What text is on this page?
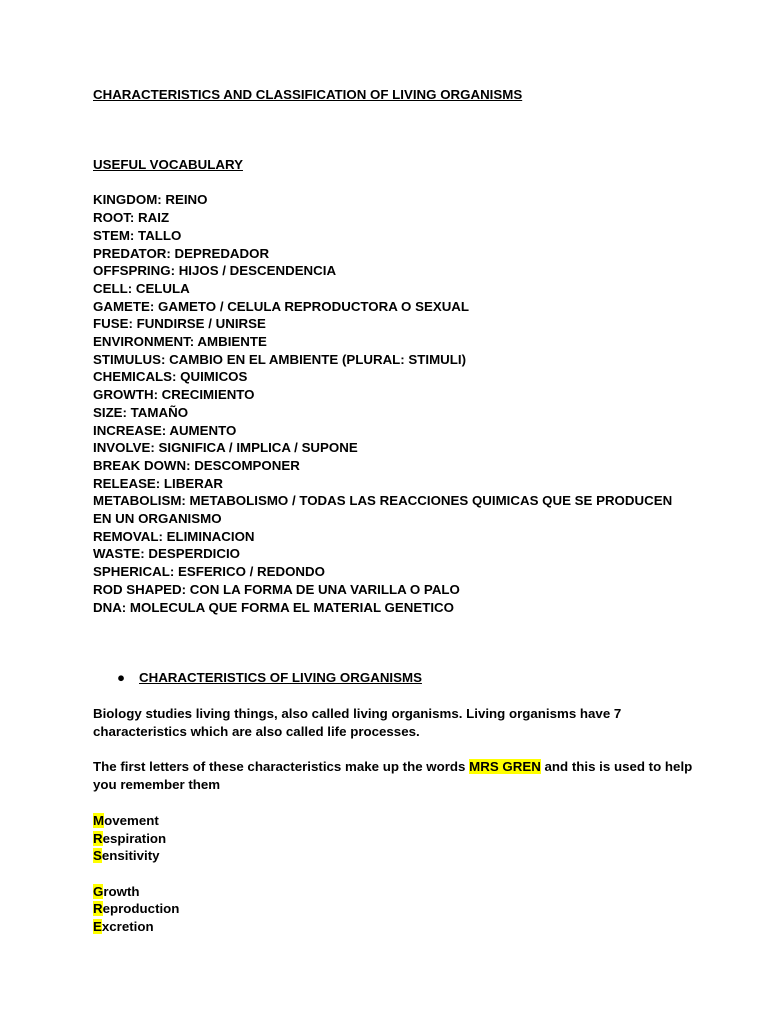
CHARACTERISTICS AND CLASSIFICATION OF LIVING ORGANISMS
USEFUL VOCABULARY
KINGDOM: REINO
ROOT: RAIZ
STEM: TALLO
PREDATOR: DEPREDADOR
OFFSPRING: HIJOS / DESCENDENCIA
CELL: CELULA
GAMETE: GAMETO / CELULA REPRODUCTORA O SEXUAL
FUSE: FUNDIRSE / UNIRSE
ENVIRONMENT: AMBIENTE
STIMULUS: CAMBIO EN EL AMBIENTE (PLURAL: STIMULI)
CHEMICALS: QUIMICOS
GROWTH: CRECIMIENTO
SIZE: TAMAÑO
INCREASE: AUMENTO
INVOLVE: SIGNIFICA / IMPLICA / SUPONE
BREAK DOWN: DESCOMPONER
RELEASE: LIBERAR
METABOLISM: METABOLISMO / TODAS LAS REACCIONES QUIMICAS QUE SE PRODUCEN EN UN ORGANISMO
REMOVAL: ELIMINACION
WASTE: DESPERDICIO
SPHERICAL: ESFERICO / REDONDO
ROD SHAPED: CON LA FORMA DE UNA VARILLA O PALO
DNA: MOLECULA QUE FORMA EL MATERIAL GENETICO
● CHARACTERISTICS OF LIVING ORGANISMS
Biology studies living things, also called living organisms. Living organisms have 7 characteristics which are also called life processes.
The first letters of these characteristics make up the words MRS GREN and this is used to help you remember them
Movement
Respiration
Sensitivity
Growth
Reproduction
Excretion
